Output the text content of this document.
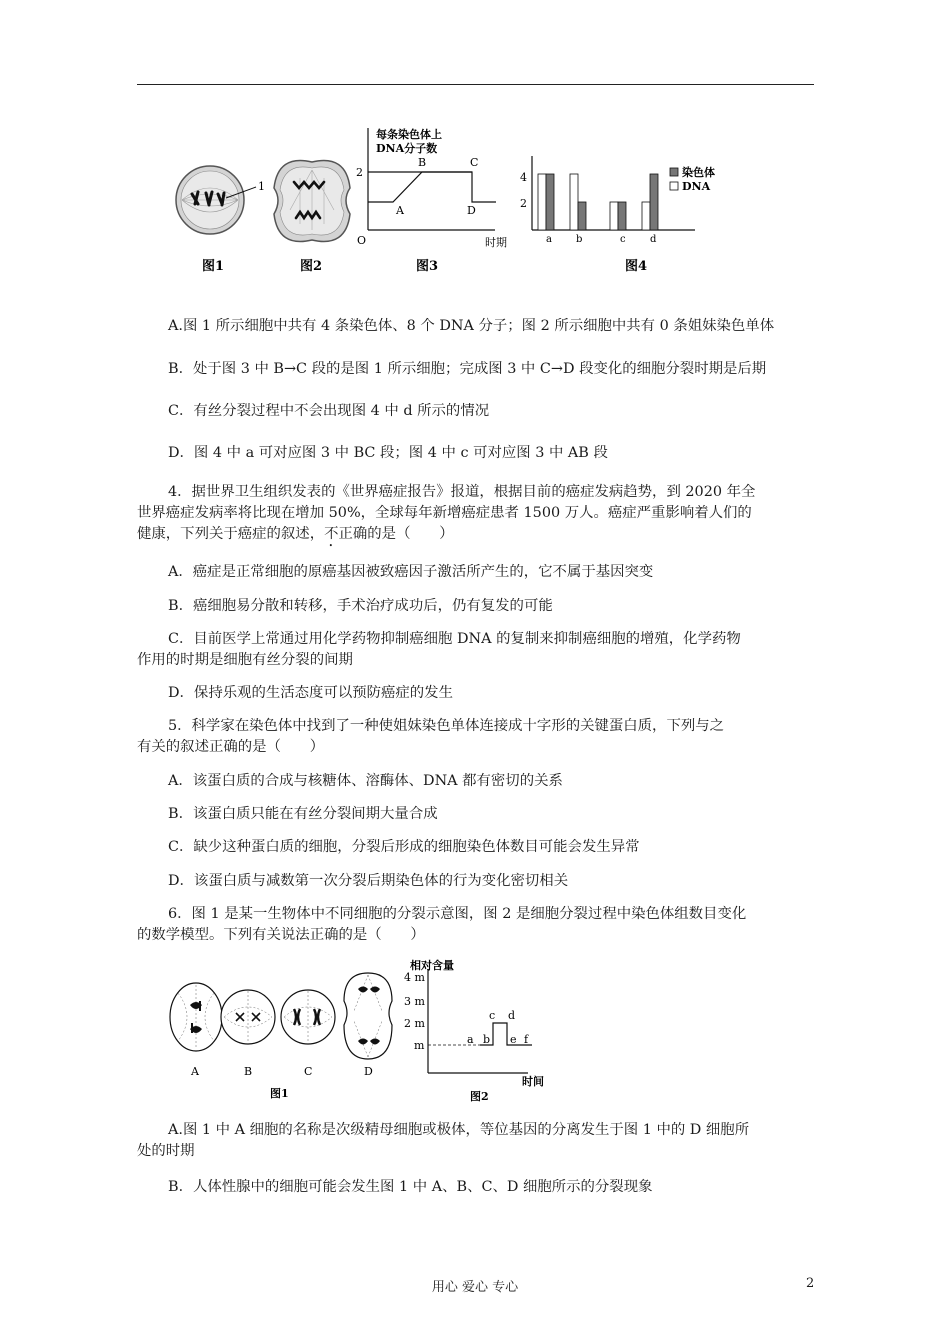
1
每条染色体上
DNA分子数
2
O
A
B	C
D
时期
4
2
a b	c d
染色体
DNA
图1	图2	图3	图4
A.图 1 所示细胞中共有 4 条染色体、8 个 DNA 分子；图 2 所示细胞中共有 0 条姐妹染色单体
B．处于图 3 中 B→C 段的是图 1 所示细胞；完成图 3 中 C→D 段变化的细胞分裂时期是后期
C．有丝分裂过程中不会出现图 4 中 d 所示的情况
D．图 4 中 a 可对应图 3 中 BC 段；图 4 中 c 可对应图 3 中 AB 段
4．据世界卫生组织发表的《世界癌症报告》报道，根据目前的癌症发病趋势，到 2020 年全
世界癌症发病率将比现在增加 50%，全球每年新增癌症患者 1500 万人。癌症严重影响着人们的
健康，下列关于癌症的叙述，不正确的是（　　）
A．癌症是正常细胞的原癌基因被致癌因子激活所产生的，它不属于基因突变
B．癌细胞易分散和转移，手术治疗成功后，仍有复发的可能
C．目前医学上常通过用化学药物抑制癌细胞 DNA 的复制来抑制癌细胞的增殖，化学药物
作用的时期是细胞有丝分裂的间期
D．保持乐观的生活态度可以预防癌症的发生
5．科学家在染色体中找到了一种使姐妹染色单体连接成十字形的关键蛋白质，下列与之
有关的叙述正确的是（　　）
A．该蛋白质的合成与核糖体、溶酶体、DNA 都有密切的关系
B．该蛋白质只能在有丝分裂间期大量合成
C．缺少这种蛋白质的细胞，分裂后形成的细胞染色体数目可能会发生异常
D．该蛋白质与减数第一次分裂后期染色体的行为变化密切相关
6．图 1 是某一生物体中不同细胞的分裂示意图，图 2 是细胞分裂过程中染色体组数目变化
的数学模型。下列有关说法正确的是（　　）
A	B	C	D
图1
相对含量
4 m
3 m
2 m
m	a b
c d
e f
时间
图2
A.图 1 中 A 细胞的名称是次级精母细胞或极体，等位基因的分离发生于图 1 中的 D 细胞所
处的时期
B．人体性腺中的细胞可能会发生图 1 中 A、B、C、D 细胞所示的分裂现象
用心 爱心 专心	2
